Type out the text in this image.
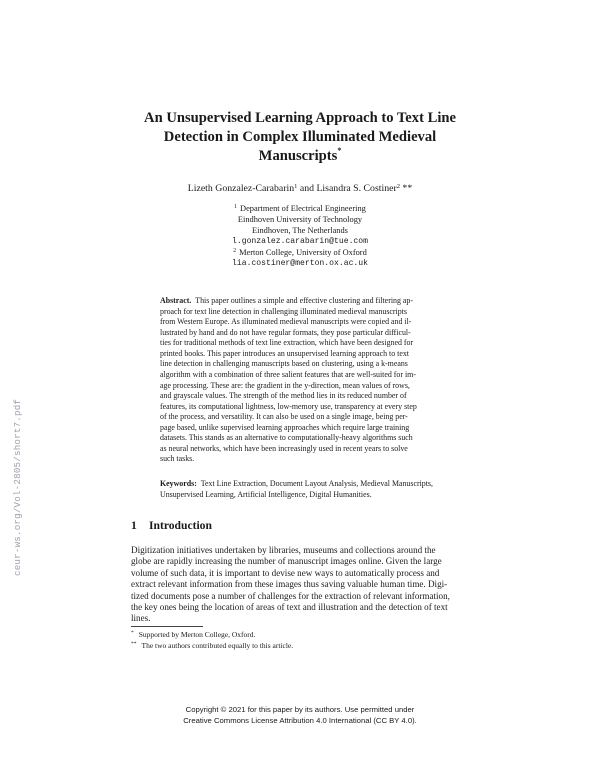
ceur-ws.org/Vol-2805/short7.pdf
An Unsupervised Learning Approach to Text Line
Detection in Complex Illuminated Medieval
Manuscripts*
Lizeth Gonzalez-Carabarin$^1$ and Lisandra S. Costiner$^2$ **
$^1$ Department of Electrical Engineering
Eindhoven University of Technology
Eindhoven, The Netherlands
l.gonzalez.carabarin@tue.com
$^2$ Merton College, University of Oxford
lia.costiner@merton.ox.ac.uk
Abstract. This paper outlines a simple and effective clustering and filtering ap-
proach for text line detection in challenging illuminated medieval manuscripts
from Western Europe. As illuminated medieval manuscripts were copied and il-
lustrated by hand and do not have regular formats, they pose particular difficul-
ties for traditional methods of text line extraction, which have been designed for
printed books. This paper introduces an unsupervised learning approach to text
line detection in challenging manuscripts based on clustering, using a k-means
algorithm with a combination of three salient features that are well-suited for im-
age processing. These are: the gradient in the y-direction, mean values of rows,
and grayscale values. The strength of the method lies in its reduced number of
features, its computational lightness, low-memory use, transparency at every step
of the process, and versatility. It can also be used on a single image, being per-
page based, unlike supervised learning approaches which require large training
datasets. This stands as an alternative to computationally-heavy algorithms such
as neural networks, which have been increasingly used in recent years to solve
such tasks.
Keywords: Text Line Extraction, Document Layout Analysis, Medieval Manuscripts,
Unsupervised Learning, Artificial Intelligence, Digital Humanities.
1 Introduction
Digitization initiatives undertaken by libraries, museums and collections around the
globe are rapidly increasing the number of manuscript images online. Given the large
volume of such data, it is important to devise new ways to automatically process and
extract relevant information from these images thus saving valuable human time. Digi-
tized documents pose a number of challenges for the extraction of relevant information,
the key ones being the location of areas of text and illustration and the detection of text
lines.
* Supported by Merton College, Oxford.
** The two authors contributed equally to this article.
Copyright © 2021 for this paper by its authors. Use permitted under
Creative Commons License Attribution 4.0 International (CC BY 4.0).
